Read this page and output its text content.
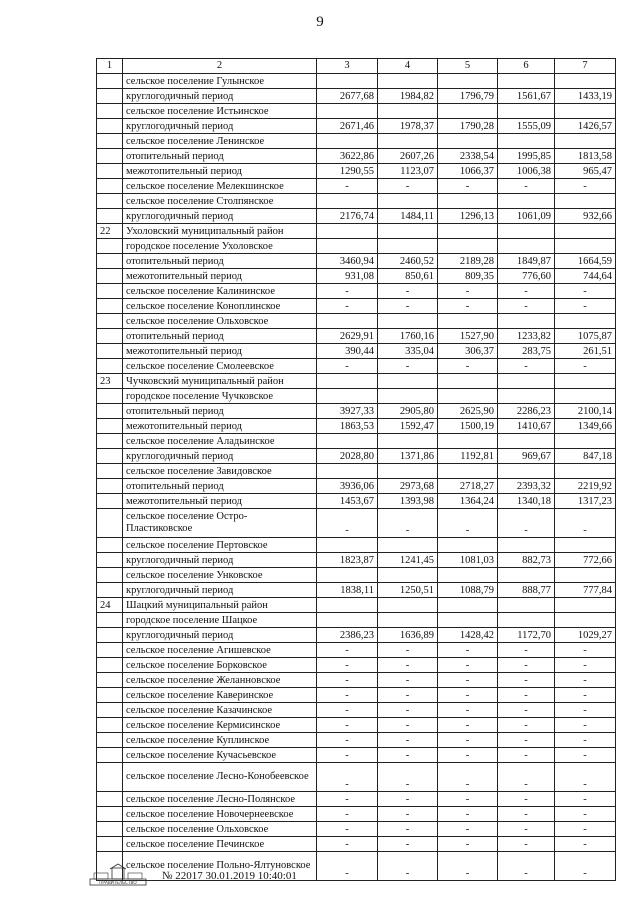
9
1	2	3	4	5	6	7
	сельское поселение Гулынское					
	круглогодичный период	2677,68	1984,82	1796,79	1561,67	1433,19
	сельское поселение Истьинское					
	круглогодичный период	2671,46	1978,37	1790,28	1555,09	1426,57
	сельское поселение Ленинское					
	отопительный период	3622,86	2607,26	2338,54	1995,85	1813,58
	межотопительный период	1290,55	1123,07	1066,37	1006,38	965,47
	сельское поселение Мелекшинское	-	-	-	-	-
	сельское поселение Столпянское					
	круглогодичный период	2176,74	1484,11	1296,13	1061,09	932,66
22	Ухоловский муниципальный район					
	городское поселение Ухоловское					
	отопительный период	3460,94	2460,52	2189,28	1849,87	1664,59
	межотопительный период	931,08	850,61	809,35	776,60	744,64
	сельское поселение Калининское	-	-	-	-	-
	сельское поселение Коноплинское	-	-	-	-	-
	сельское поселение Ольховское					
	отопительный период	2629,91	1760,16	1527,90	1233,82	1075,87
	межотопительный период	390,44	335,04	306,37	283,75	261,51
	сельское поселение Смолеевское	-	-	-	-	-
23	Чучковский муниципальный район					
	городское поселение Чучковское					
	отопительный период	3927,33	2905,80	2625,90	2286,23	2100,14
	межотопительный период	1863,53	1592,47	1500,19	1410,67	1349,66
	сельское поселение Аладьинское					
	круглогодичный период	2028,80	1371,86	1192,81	969,67	847,18
	сельское поселение Завидовское					
	отопительный период	3936,06	2973,68	2718,27	2393,32	2219,92
	межотопительный период	1453,67	1393,98	1364,24	1340,18	1317,23
	сельское поселение Остро-Пластиковское	-	-	-	-	-
	сельское поселение Пертовское					
	круглогодичный период	1823,87	1241,45	1081,03	882,73	772,66
	сельское поселение Унковское					
	круглогодичный период	1838,11	1250,51	1088,79	888,77	777,84
24	Шацкий муниципальный район					
	городское поселение Шацкое					
	круглогодичный период	2386,23	1636,89	1428,42	1172,70	1029,27
	сельское поселение Агишевское	-	-	-	-	-
	сельское поселение Борковское	-	-	-	-	-
	сельское поселение Желанновское	-	-	-	-	-
	сельское поселение Каверинское	-	-	-	-	-
	сельское поселение Казачинское	-	-	-	-	-
	сельское поселение Кермисинское	-	-	-	-	-
	сельское поселение Куплинское	-	-	-	-	-
	сельское поселение Кучасьевское	-	-	-	-	-
	сельское поселение Лесно-Конобеевское	-	-	-	-	-
	сельское поселение Лесно-Полянское	-	-	-	-	-
	сельское поселение Новочернеевское	-	-	-	-	-
	сельское поселение Ольховское	-	-	-	-	-
	сельское поселение Печинское	-	-	-	-	-
	сельское поселение Польно-Ялтуновское	-	-	-	-	-
ПРАВИТЕЛЬСТВО
№ 22017 30.01.2019 10:40:01
